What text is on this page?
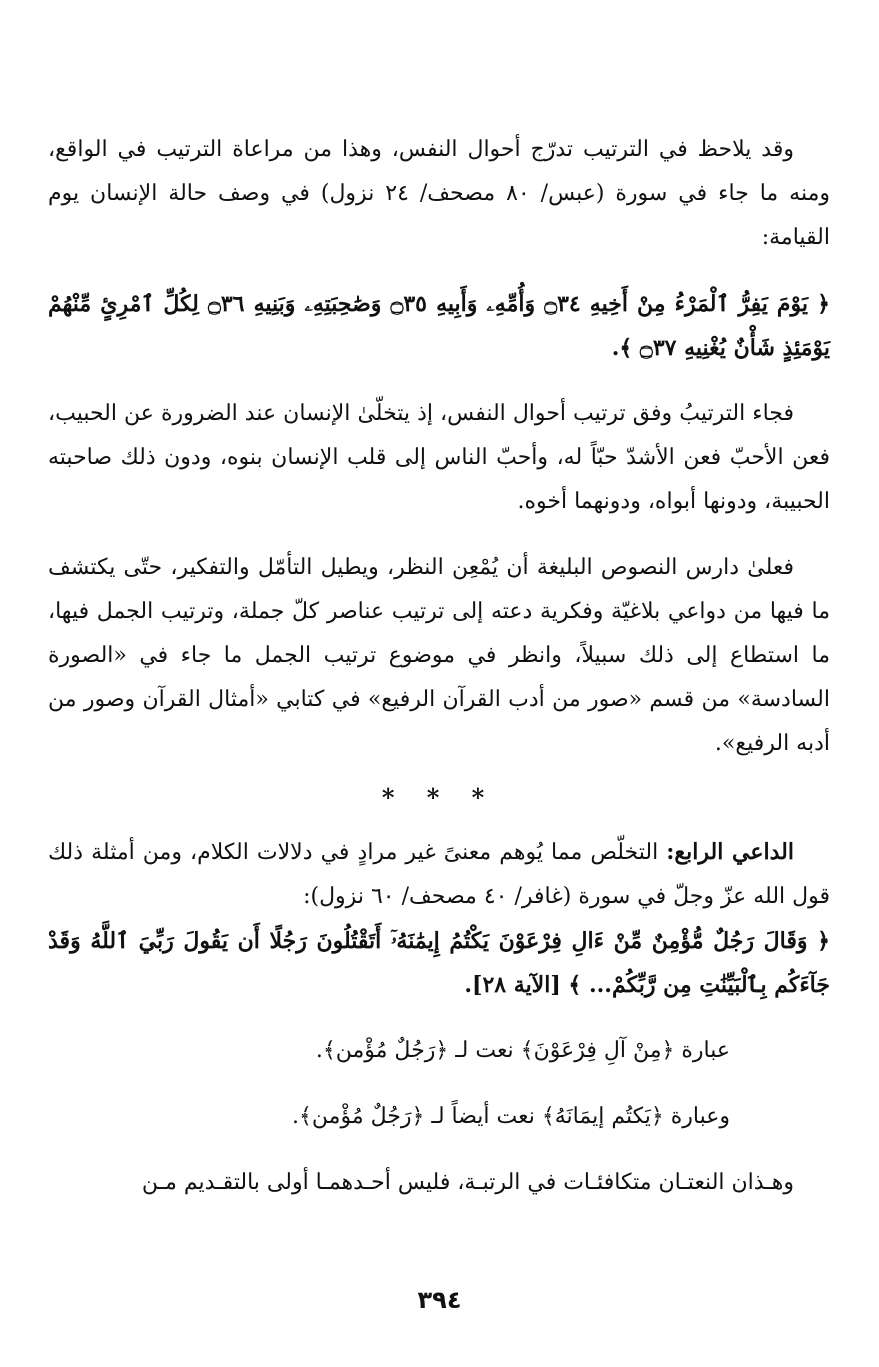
وقد يلاحظ في الترتيب تدرّج أحوال النفس، وهذا من مراعاة الترتيب في الواقع، ومنه ما جاء في سورة (عبس/ ٨٠ مصحف/ ٢٤ نزول) في وصف حالة الإنسان يوم القيامة:

﴿ يَوْمَ يَفِرُّ ٱلْمَرْءُ مِنْ أَخِيهِ ۝٣٤ وَأُمِّهِۦ وَأَبِيهِ ۝٣٥ وَصَٰحِبَتِهِۦ وَبَنِيهِ ۝٣٦ لِكُلِّ ٱمْرِئٍ مِّنْهُمْ يَوْمَئِذٍ شَأْنٌ يُغْنِيهِ ۝٣٧ ﴾.

فجاء الترتيبُ وفق ترتيب أحوال النفس، إذ يتخلّىٰ الإنسان عند الضرورة عن الحبيب، فعن الأحبّ فعن الأشدّ حبّاً له، وأحبّ الناس إلى قلب الإنسان بنوه، ودون ذلك صاحبته الحبيبة، ودونها أبواه، ودونهما أخوه.

فعلىٰ دارس النصوص البليغة أن يُمْعِن النظر، ويطيل التأمّل والتفكير، حتّى يكتشف ما فيها من دواعي بلاغيّة وفكرية دعته إلى ترتيب عناصر كلّ جملة، وترتيب الجمل فيها، ما استطاع إلى ذلك سبيلاً، وانظر في موضوع ترتيب الجمل ما جاء في «الصورة السادسة» من قسم «صور من أدب القرآن الرفيع» في كتابي «أمثال القرآن وصور من أدبه الرفيع».

* * *

الداعي الرابع: التخلّص مما يُوهم معنىً غير مرادٍ في دلالات الكلام، ومن أمثلة ذلك قول الله عزّ وجلّ في سورة (غافر/ ٤٠ مصحف/ ٦٠ نزول):

﴿ وَقَالَ رَجُلٌ مُّؤْمِنٌ مِّنْ ءَالِ فِرْعَوْنَ يَكْتُمُ إِيمَٰنَهُۥٓ أَتَقْتُلُونَ رَجُلًا أَن يَقُولَ رَبِّيَ ٱللَّهُ وَقَدْ جَآءَكُم بِٱلْبَيِّنَٰتِ مِن رَّبِّكُمْ... ﴾ [الآية ٢٨].

عبارة ﴿مِنْ آلِ فِرْعَوْنَ﴾ نعت لـ ﴿رَجُلٌ مُؤْمن﴾.

وعبارة ﴿يَكتُم إيمَانَهُ﴾ نعت أيضاً لـ ﴿رَجُلٌ مُؤْمن﴾.

وهـذان النعتـان متكافئـات في الرتبـة، فليس أحـدهمـا أولى بالتقـديم مـن

٣٩٤
